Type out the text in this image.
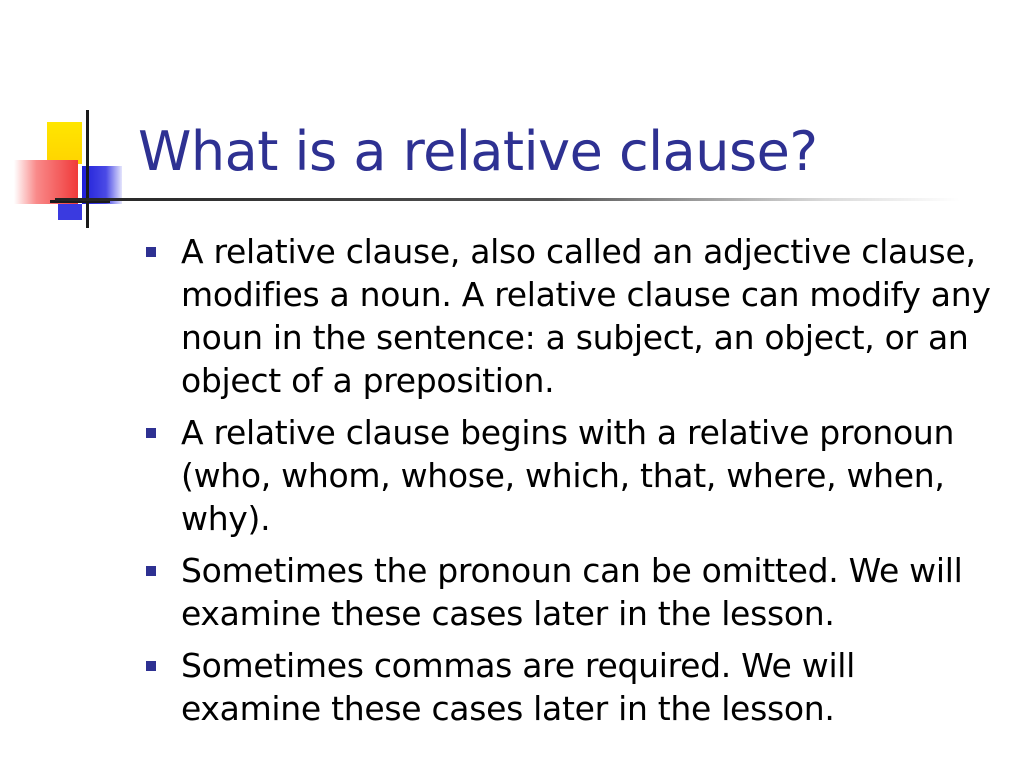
What is a relative clause?
A relative clause, also called an adjective clause, modifies a noun. A relative clause can modify any noun in the sentence: a subject, an object, or an object of a preposition.
A relative clause begins with a relative pronoun (who, whom, whose, which, that, where, when, why).
Sometimes the pronoun can be omitted. We will examine these cases later in the lesson.
Sometimes commas are required. We will examine these cases later in the lesson.
